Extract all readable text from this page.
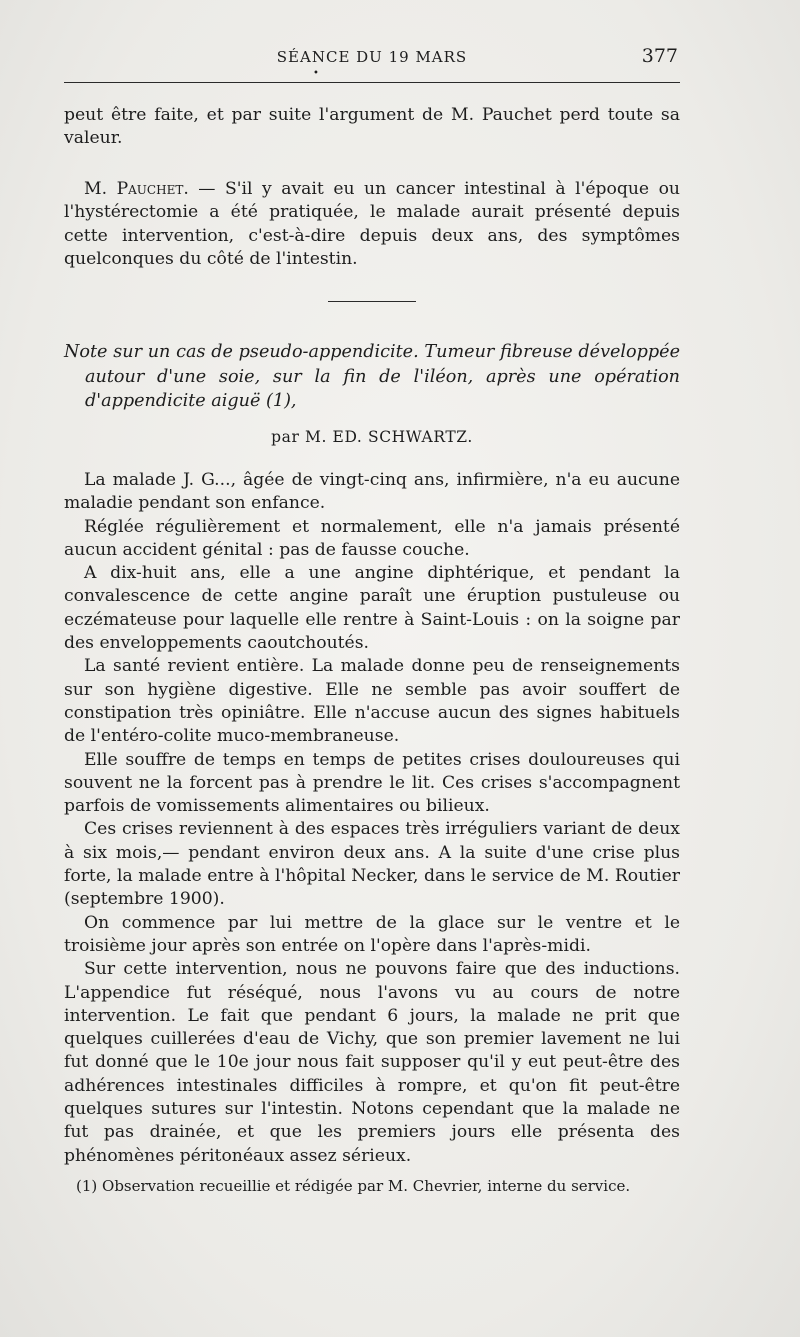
SÉANCE DU 19 MARS	377
•

peut être faite, et par suite l'argument de M. Pauchet perd toute sa valeur.

M. Pauchet. — S'il y avait eu un cancer intestinal à l'époque ou l'hystérectomie a été pratiquée, le malade aurait présenté depuis cette intervention, c'est-à-dire depuis deux ans, des symptômes quelconques du côté de l'intestin.

Note sur un cas de pseudo-appendicite. Tumeur fibreuse développée autour d'une soie, sur la fin de l'iléon, après une opération d'appendicite aiguë (1),

par M. ED. SCHWARTZ.

La malade J. G..., âgée de vingt-cinq ans, infirmière, n'a eu aucune maladie pendant son enfance.

Réglée régulièrement et normalement, elle n'a jamais présenté aucun accident génital : pas de fausse couche.

A dix-huit ans, elle a une angine diphtérique, et pendant la convalescence de cette angine paraît une éruption pustuleuse ou eczémateuse pour laquelle elle rentre à Saint-Louis : on la soigne par des enveloppements caoutchoutés.

La santé revient entière. La malade donne peu de renseignements sur son hygiène digestive. Elle ne semble pas avoir souffert de constipation très opiniâtre. Elle n'accuse aucun des signes habituels de l'entéro-colite muco-membraneuse.

Elle souffre de temps en temps de petites crises douloureuses qui souvent ne la forcent pas à prendre le lit. Ces crises s'accompagnent parfois de vomissements alimentaires ou bilieux.

Ces crises reviennent à des espaces très irréguliers variant de deux à six mois,— pendant environ deux ans. A la suite d'une crise plus forte, la malade entre à l'hôpital Necker, dans le service de M. Routier (septembre 1900).

On commence par lui mettre de la glace sur le ventre et le troisième jour après son entrée on l'opère dans l'après-midi.

Sur cette intervention, nous ne pouvons faire que des inductions. L'appendice fut réséqué, nous l'avons vu au cours de notre intervention. Le fait que pendant 6 jours, la malade ne prit que quelques cuillerées d'eau de Vichy, que son premier lavement ne lui fut donné que le 10e jour nous fait supposer qu'il y eut peut-être des adhérences intestinales difficiles à rompre, et qu'on fit peut-être quelques sutures sur l'intestin. Notons cependant que la malade ne fut pas drainée, et que les premiers jours elle présenta des phénomènes péritonéaux assez sérieux.

(1) Observation recueillie et rédigée par M. Chevrier, interne du service.
